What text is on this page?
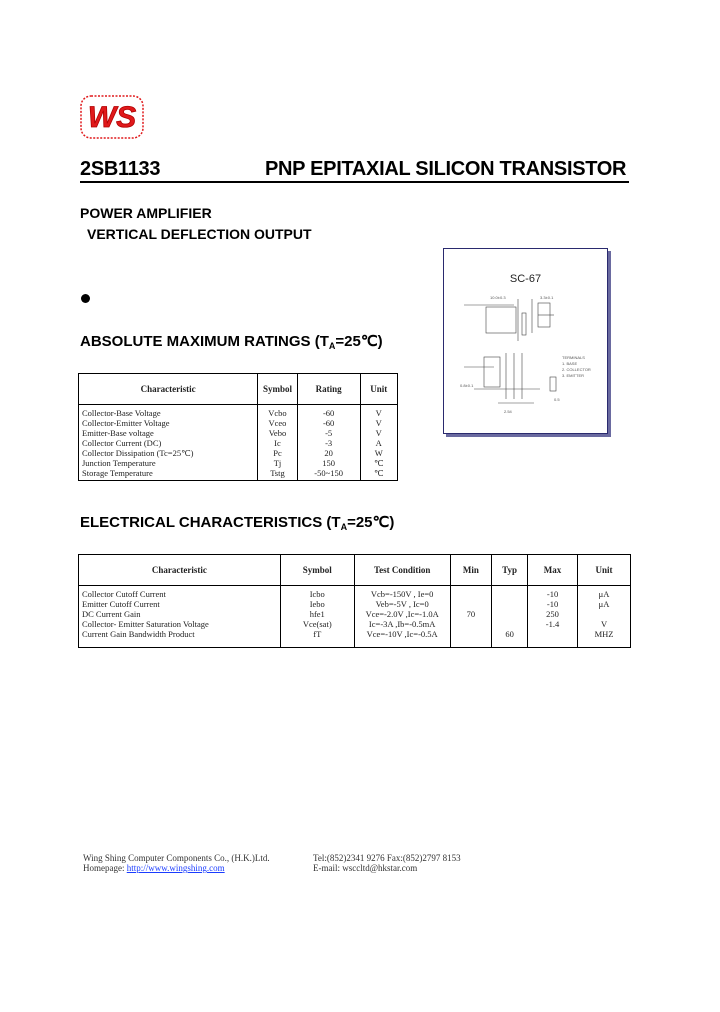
WS
2SB1133	PNP EPITAXIAL SILICON TRANSISTOR
POWER AMPLIFIER
VERTICAL DEFLECTION OUTPUT
SC-67
10.0±0.3	3.3±0.1
TERMINALS
1. BASE
2. COLLECTOR
3. EMITTER
0.8±0.1
2.54
0.5
ABSOLUTE MAXIMUM RATINGS $(T_A=25℃)$
Characteristic	Symbol	Rating	Unit
Collector-Base Voltage	Vcbo	-60	V
Collector-Emitter Voltage	Vceo	-60	V
Emitter-Base voltage	Vebo	-5	V
Collector Current (DC)	Ic	-3	A
Collector Dissipation (Tc=25℃)	Pc	20	W
Junction Temperature	Tj	150	℃
Storage Temperature	Tstg	-50~150	℃
ELECTRICAL CHARACTERISTICS $(T_A=25℃)$
Characteristic	Symbol	Test Condition	Min	Typ	Max	Unit
Collector Cutoff Current	Icbo	Vcb=-150V , Ie=0			-10	μA
Emitter Cutoff Current	Iebo	Veb=-5V , Ic=0			-10	μA
DC Current Gain	hfe1	Vce=-2.0V ,Ic=-1.0A	70		250	
Collector- Emitter Saturation Voltage	Vce(sat)	Ic=-3A ,Ib=-0.5mA			-1.4	V
Current Gain Bandwidth Product	fT	Vce=-10V ,Ic=-0.5A		60		MHZ
Wing Shing Computer Components Co., (H.K.)Ltd.
Homepage: http://www.wingshing.com
Tel:(852)2341 9276 Fax:(852)2797 8153
E-mail: wsccltd@hkstar.com
